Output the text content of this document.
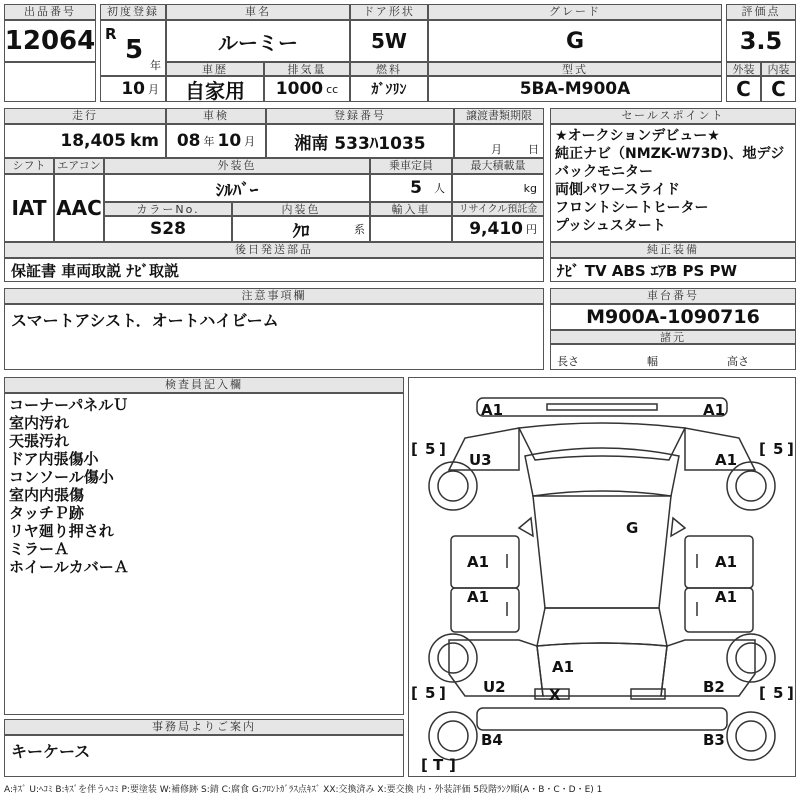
出品番号
12064
初度登録
R
5
年
10 月
車名
ルーミー
ドア形状
5W
グレード
G
車歴
自家用
排気量
1000 cc
燃料
ｶﾞｿﾘﾝ
型式
5BA-M900A
評価点
3.5
外装	内装
C	C
走行
18,405 km
車検
08 年 10 月
登録番号
湘南 533ﾊ1035
譲渡書類期限
月 日
シフト
IAT
エアコン
AAC
外装色
ｼﾙﾊﾞｰ
乗車定員
5 人
最大積載量
kg
カラーNo.
S28
内装色
ｸﾛ	系
輸入車	リサイクル預託金
9,410 円
後日発送部品
保証書 車両取説 ﾅﾋﾞ取説
セールスポイント
★オークションデビュー★
純正ナビ（NMZK-W73D)、地デジ
バックモニター
両側パワースライド
フロントシートヒーター
プッシュスタート
純正装備
ﾅﾋﾞ TV ABS ｴｱB PS PW
注意事項欄
スマートアシスト．オートハイビーム
車台番号
M900A-1090716
諸元
長さ	幅	高さ
検査員記入欄
コーナーパネルＵ
室内汚れ
天張汚れ
ドア内張傷小
コンソール傷小
室内内張傷
タッチＰ跡
リヤ廻り押され
ミラーＡ
ホイールカバーＡ
事務局よりご案内
キーケース
[ 5 ]	[ 5 ]
[ 5 ]	[ 5 ]
[ T ]
A1	A1
U3	A1
G
A1	A1
A1	A1
A1
U2	B2
X
B4	B3
A:ｷｽﾞ U:ﾍｺﾐ B:ｷｽﾞを伴うﾍｺﾐ P:要塗装 W:補修跡 S:錆 C:腐食 G:ﾌﾛﾝﾄｶﾞﾗｽ点ｷｽﾞ XX:交換済み X:要交換 内・外装評価 5段階ﾗﾝｸ順(A・B・C・D・E) 1
